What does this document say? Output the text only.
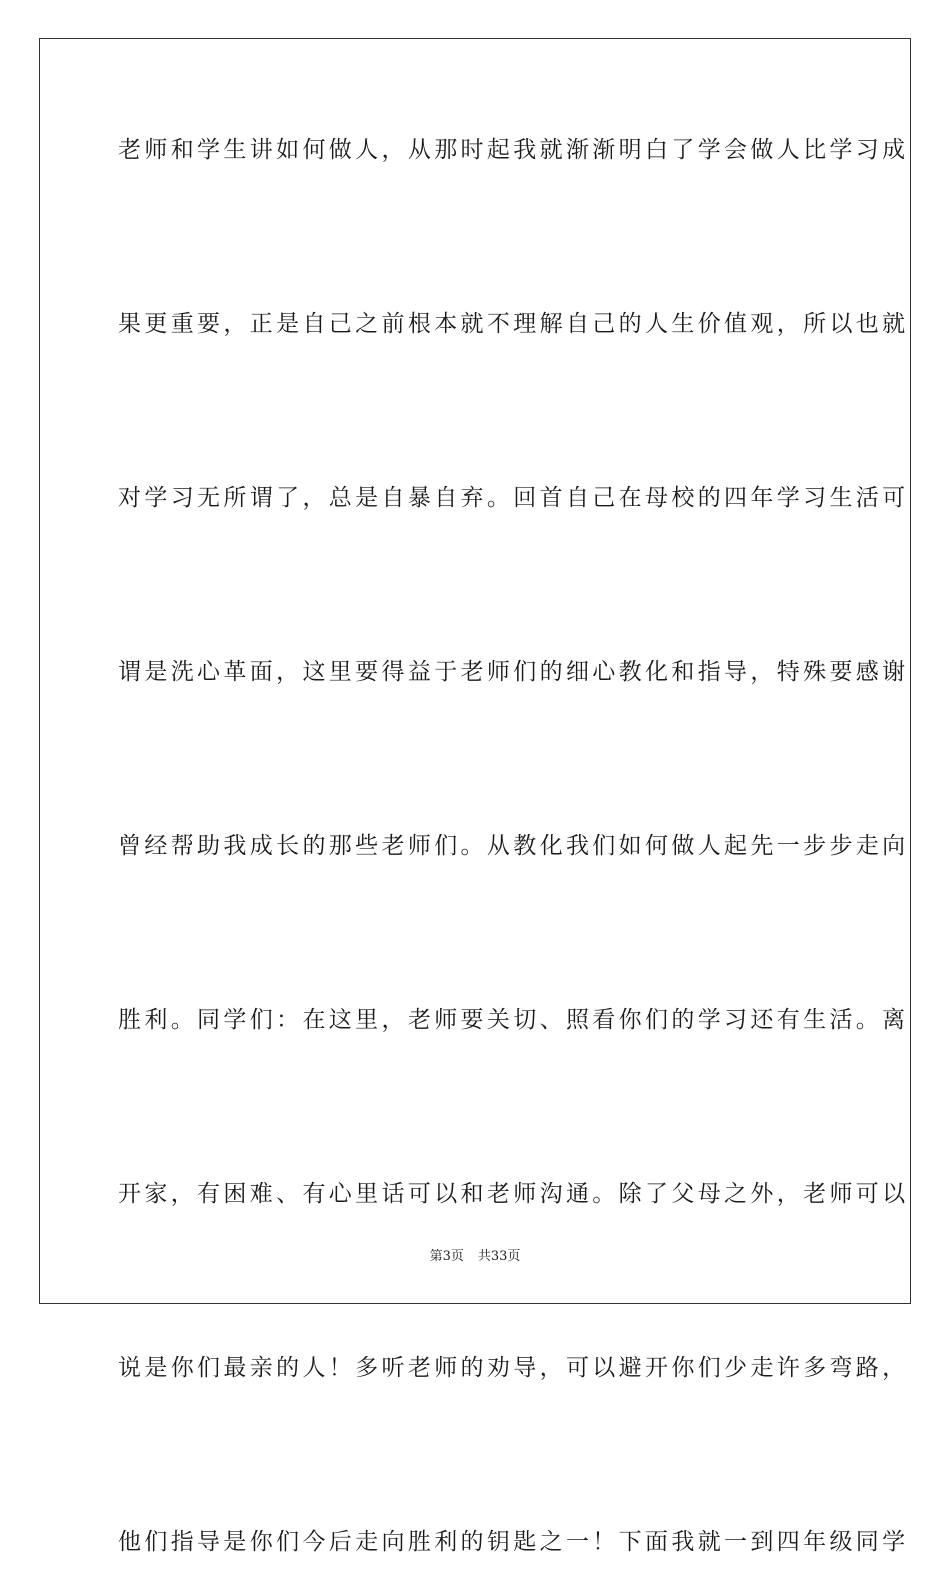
老师和学生讲如何做人，从那时起我就渐渐明白了学会做人比学习成
果更重要，正是自己之前根本就不理解自己的人生价值观，所以也就
对学习无所谓了，总是自暴自弃。回首自己在母校的四年学习生活可
谓是洗心革面，这里要得益于老师们的细心教化和指导，特殊要感谢
曾经帮助我成长的那些老师们。从教化我们如何做人起先一步步走向
胜利。同学们：在这里，老师要关切、照看你们的学习还有生活。离
开家，有困难、有心里话可以和老师沟通。除了父母之外，老师可以
说是你们最亲的人！多听老师的劝导，可以避开你们少走许多弯路，
他们指导是你们今后走向胜利的钥匙之一！下面我就一到四年级同学
第3页 共33页
